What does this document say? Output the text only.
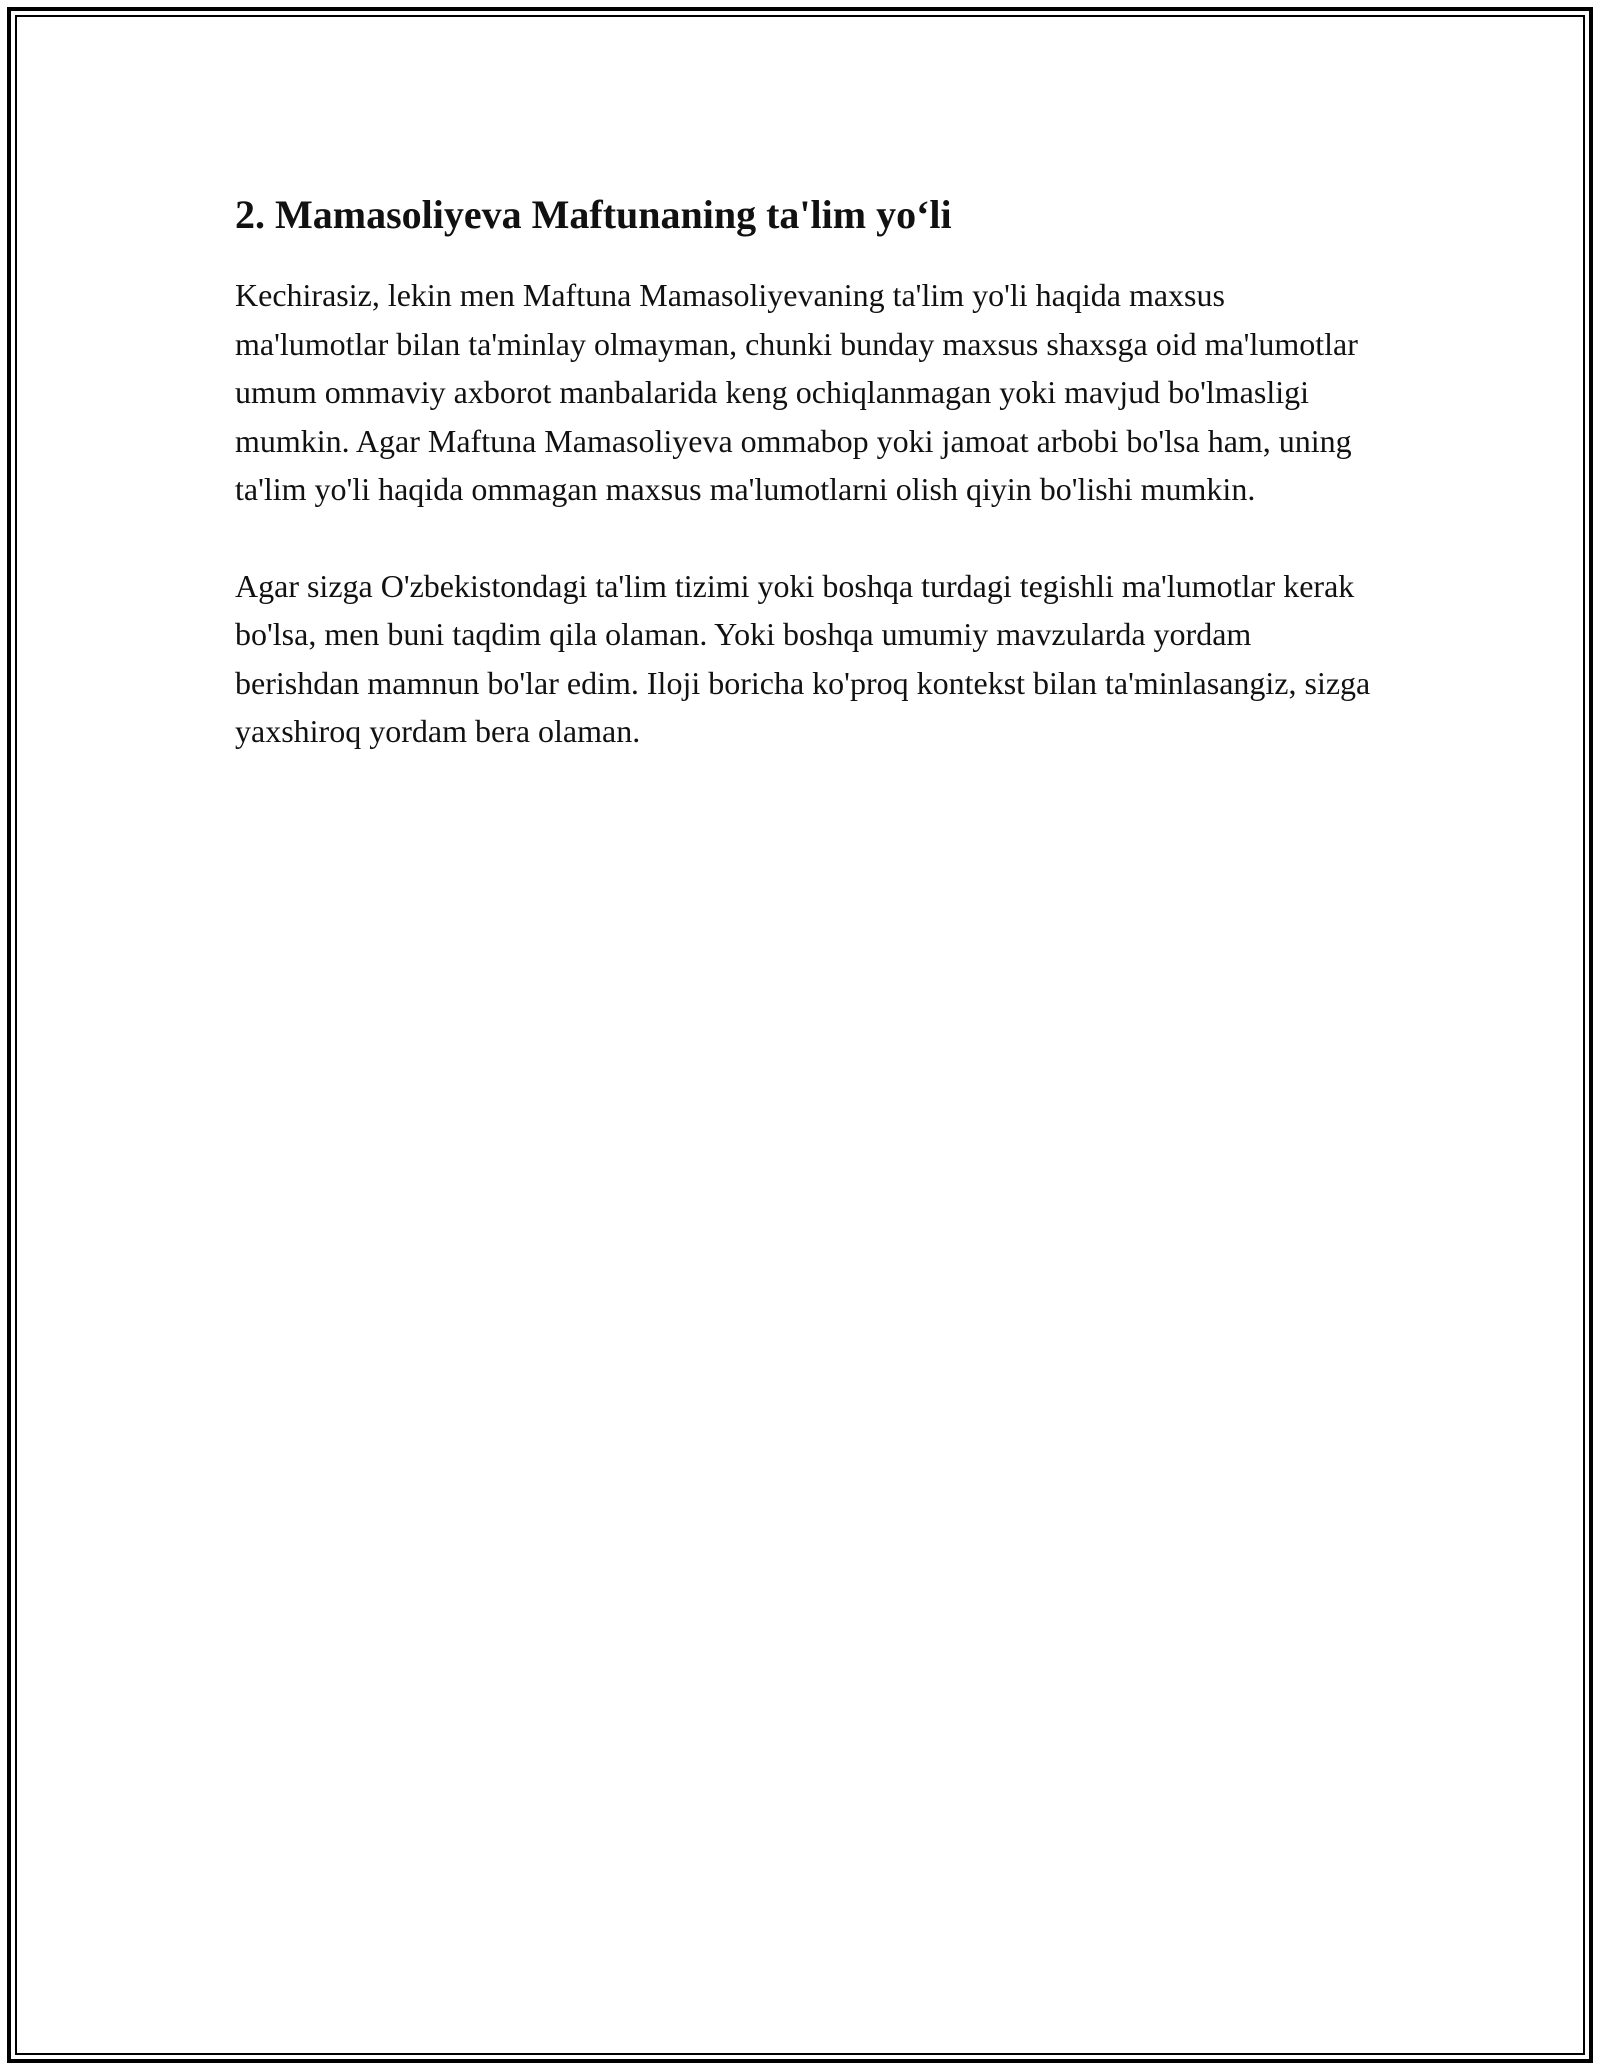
2. Mamasoliyeva Maftunaning ta'lim yo‘li

Kechirasiz, lekin men Maftuna Mamasoliyevaning ta'lim yo'li haqida maxsus ma'lumotlar bilan ta'minlay olmayman, chunki bunday maxsus shaxsga oid ma'lumotlar umum ommaviy axborot manbalarida keng ochiqlanmagan yoki mavjud bo'lmasligi mumkin. Agar Maftuna Mamasoliyeva ommabop yoki jamoat arbobi bo'lsa ham, uning ta'lim yo'li haqida ommagan maxsus ma'lumotlarni olish qiyin bo'lishi mumkin.

Agar sizga O'zbekistondagi ta'lim tizimi yoki boshqa turdagi tegishli ma'lumotlar kerak bo'lsa, men buni taqdim qila olaman. Yoki boshqa umumiy mavzularda yordam berishdan mamnun bo'lar edim. Iloji boricha ko'proq kontekst bilan ta'minlasangiz, sizga yaxshiroq yordam bera olaman.
